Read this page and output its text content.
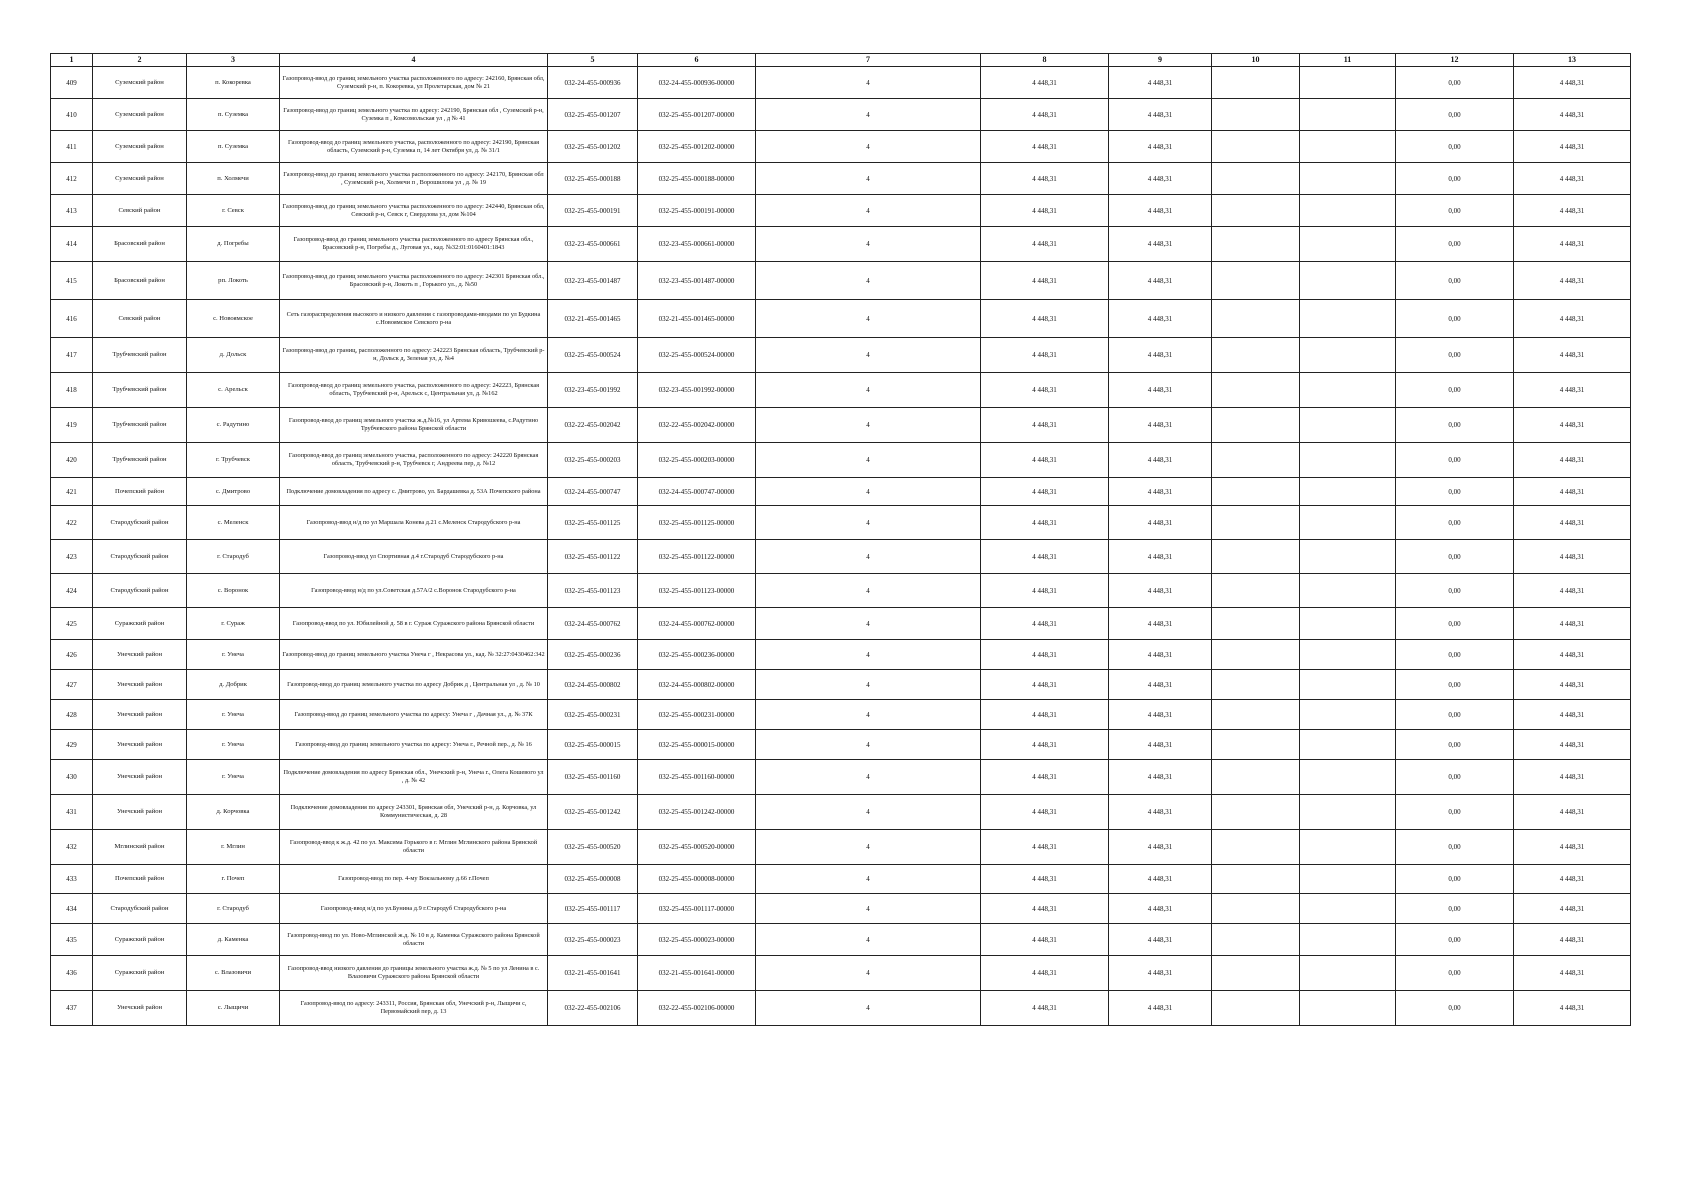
1	2	3	4	5	6	7	8	9	10	11	12	13
409	Суземский район	п. Кокоревка	Газопровод-ввод до границ земельного участка расположенного по адресу: 242160, Брянская обл, Суземский р-н, п. Кокоревка, ул Пролетарская, дом № 21	032-24-455-000936	032-24-455-000936-00000	4	4 448,31	4 448,31			0,00	4 448,31
410	Суземский район	п. Суземка	Газопровод-ввод до границ земельного участка по адресу: 242190, Брянская обл , Суземский р-н, Суземка п , Комсомольская ул , д № 41	032-25-455-001207	032-25-455-001207-00000	4	4 448,31	4 448,31			0,00	4 448,31
411	Суземский район	п. Суземка	Газопровод-ввод до границ земельного участка, расположенного по адресу: 242190, Брянская область, Суземский р-н, Суземка п, 14 лет Октября ул, д. № 31/1	032-25-455-001202	032-25-455-001202-00000	4	4 448,31	4 448,31			0,00	4 448,31
412	Суземский район	п. Холмечи	Газопровод-ввод до границ земельного участка расположенного по адресу: 242170, Брянская обл , Суземский р-н, Холмечи п , Ворошилова ул , д. № 19	032-25-455-000188	032-25-455-000188-00000	4	4 448,31	4 448,31			0,00	4 448,31
413	Севский район	г. Севск	Газопровод-ввод до границ земельного участка расположенного по адресу: 242440, Брянская обл, Севский р-н, Севск г, Свердлова ул, дом №104	032-25-455-000191	032-25-455-000191-00000	4	4 448,31	4 448,31			0,00	4 448,31
414	Брасовский район	д. Погребы	Газопровод-ввод до границ земельного участка расположенного по адресу Брянская обл., Брасовский р-н, Погребы д., Луговая ул., кад. №32:01:0160401:1843	032-23-455-000661	032-23-455-000661-00000	4	4 448,31	4 448,31			0,00	4 448,31
415	Брасовский район	рп. Локоть	Газопровод-ввод до границ земельного участка расположенного по адресу: 242301 Брянская обл., Брасовский р-н, Локоть п , Горького ул., д. №50	032-23-455-001487	032-23-455-001487-00000	4	4 448,31	4 448,31			0,00	4 448,31
416	Севский район	с. Новоямское	Сеть газораспределения высокого и низкого давления с газопроводами-вводами по ул Будкина с.Новоямское Севского р-на	032-21-455-001465	032-21-455-001465-00000	4	4 448,31	4 448,31			0,00	4 448,31
417	Трубчевский район	д. Дольск	Газопровод-ввод до границ, расположенного по адресу: 242223 Брянская область, Трубчевский р-н, Дольск д, Зеленая ул, д. №4	032-25-455-000524	032-25-455-000524-00000	4	4 448,31	4 448,31			0,00	4 448,31
418	Трубчевский район	с. Арельск	Газопровод-ввод до границ земельного участка, расположенного по адресу: 242223, Брянская область, Трубчевский р-н, Арельск с, Центральная ул, д. №162	032-23-455-001992	032-23-455-001992-00000	4	4 448,31	4 448,31			0,00	4 448,31
419	Трубчевский район	с. Радутино	Газопровод-ввод до границ земельного участка ж.д.№16, ул Артема Кривошеева, с.Радутино Трубчевского района Брянской области	032-22-455-002042	032-22-455-002042-00000	4	4 448,31	4 448,31			0,00	4 448,31
420	Трубчевский район	г. Трубчевск	Газопровод-ввод до границ земельного участка, расположенного по адресу: 242220 Брянская область, Трубчевский р-н, Трубчевск г, Андреева пер, д. №12	032-25-455-000203	032-25-455-000203-00000	4	4 448,31	4 448,31			0,00	4 448,31
421	Почепский район	с. Дмитрово	Подключение домовладения по адресу с. Дмитрово, ул. Бардашевка д. 53А Почепского района	032-24-455-000747	032-24-455-000747-00000	4	4 448,31	4 448,31			0,00	4 448,31
422	Стародубский район	с. Меленск	Газопровод-ввод н/д по ул Маршала Конева д.21 с.Меленск Стародубского р-на	032-25-455-001125	032-25-455-001125-00000	4	4 448,31	4 448,31			0,00	4 448,31
423	Стародубский район	г. Стародуб	Газопровод-ввод ул Спортивная д.4 г.Стародуб Стародубского р-на	032-25-455-001122	032-25-455-001122-00000	4	4 448,31	4 448,31			0,00	4 448,31
424	Стародубский район	с. Воронок	Газопровод-ввод н/д по ул.Советская д.57А/2 с.Воронок Стародубского р-на	032-25-455-001123	032-25-455-001123-00000	4	4 448,31	4 448,31			0,00	4 448,31
425	Суражский район	г. Сураж	Газопровод-ввод по ул. Юбилейной д. 58 в г. Сураж Суражского района Брянской области	032-24-455-000762	032-24-455-000762-00000	4	4 448,31	4 448,31			0,00	4 448,31
426	Унечский район	г. Унеча	Газопровод-ввод до границ земельного участка Унеча г , Некрасова ул., кад. № 32:27:0430462:342	032-25-455-000236	032-25-455-000236-00000	4	4 448,31	4 448,31			0,00	4 448,31
427	Унечский район	д. Добрик	Газопровод-ввод до границ земельного участка по адресу Добрик д , Центральная ул , д. № 10	032-24-455-000802	032-24-455-000802-00000	4	4 448,31	4 448,31			0,00	4 448,31
428	Унечский район	г. Унеча	Газопровод-ввод до границ земельного участка по адресу: Унеча г , Дачная ул., д. № 37К	032-25-455-000231	032-25-455-000231-00000	4	4 448,31	4 448,31			0,00	4 448,31
429	Унечский район	г. Унеча	Газопровод-ввод до границ земельного участка по адресу: Унеча г., Речной пер., д. № 16	032-25-455-000015	032-25-455-000015-00000	4	4 448,31	4 448,31			0,00	4 448,31
430	Унечский район	г. Унеча	Подключение домовладения по адресу Брянская обл., Унечский р-н, Унеча г., Олега Кошевого ул , д. № 42	032-25-455-001160	032-25-455-001160-00000	4	4 448,31	4 448,31			0,00	4 448,31
431	Унечский район	д. Корчовка	Подключение домовладения по адресу 243301, Брянская обл, Унечский р-н, д. Корчовка, ул Коммунистическая, д. 28	032-25-455-001242	032-25-455-001242-00000	4	4 448,31	4 448,31			0,00	4 448,31
432	Мглинский район	г. Мглин	Газопровод-ввод к ж.д. 42 по ул. Максима Горького в г. Мглин Мглинского района Брянской области	032-25-455-000520	032-25-455-000520-00000	4	4 448,31	4 448,31			0,00	4 448,31
433	Почепский район	г. Почеп	Газопровод-ввод по пер. 4-му Вокзальному д.66 г.Почеп	032-25-455-000008	032-25-455-000008-00000	4	4 448,31	4 448,31			0,00	4 448,31
434	Стародубский район	г. Стародуб	Газопровод-ввод н/д по ул.Бунина д.9 г.Стародуб Стародубского р-на	032-25-455-001117	032-25-455-001117-00000	4	4 448,31	4 448,31			0,00	4 448,31
435	Суражский район	д. Каменка	Газопровод-ввод по ул. Ново-Мглинской ж.д. № 10 в д. Каменка Суражского района Брянской области	032-25-455-000023	032-25-455-000023-00000	4	4 448,31	4 448,31			0,00	4 448,31
436	Суражский район	с. Влазовичи	Газопровод-ввод низкого давления до границы земельного участка ж.д. № 5 по ул Ленина в с. Влазовичи Суражского района Брянской области	032-21-455-001641	032-21-455-001641-00000	4	4 448,31	4 448,31			0,00	4 448,31
437	Унечский район	с. Лыщичи	Газопровод-ввод по адресу: 243311, Россия, Брянская обл, Унечский р-н, Лыщичи с, Первомайский пер, д. 13	032-22-455-002106	032-22-455-002106-00000	4	4 448,31	4 448,31			0,00	4 448,31
